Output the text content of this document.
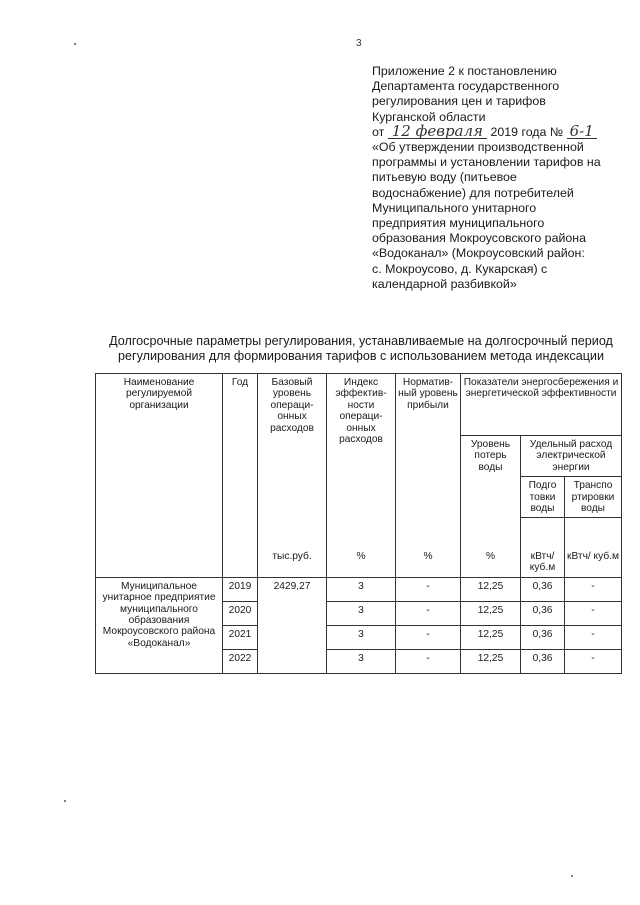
3
Приложение 2 к постановлению
Департамента государственного
регулирования цен и тарифов
Курганской области
от 12 февраля 2019 года № 6-1
«Об утверждении производственной
программы и установлении тарифов на
питьевую воду (питьевое
водоснабжение) для потребителей
Муниципального унитарного
предприятия муниципального
образования Мокроусовского района
«Водоканал» (Мокроусовский район:
с. Мокроусово, д. Кукарская) с
календарной разбивкой»
Долгосрочные параметры регулирования, устанавливаемые на долгосрочный период
регулирования для формирования тарифов с использованием метода индексации
Наименование регулируемой организации	Год	Базовый уровень операци-онных расходов	Индекс эффектив-ности операци-онных расходов	Норматив-ный уровень прибыли	Показатели энергосбережения и энергетической эффективности		
					Уровень потерь воды	Удельный расход электрической энергии	
						Подго товки воды	Транспо ртировки воды

		тыс.руб.	%	%	%	кВтч/ куб.м	кВтч/ куб.м
Муниципальное унитарное предприятие муниципального образования Мокроусовского района «Водоканал»	2019	2429,27	3	-	12,25	0,36	-
	2020		3	-	12,25	0,36	-
	2021		3	-	12,25	0,36	-
	2022		3	-	12,25	0,36	-
